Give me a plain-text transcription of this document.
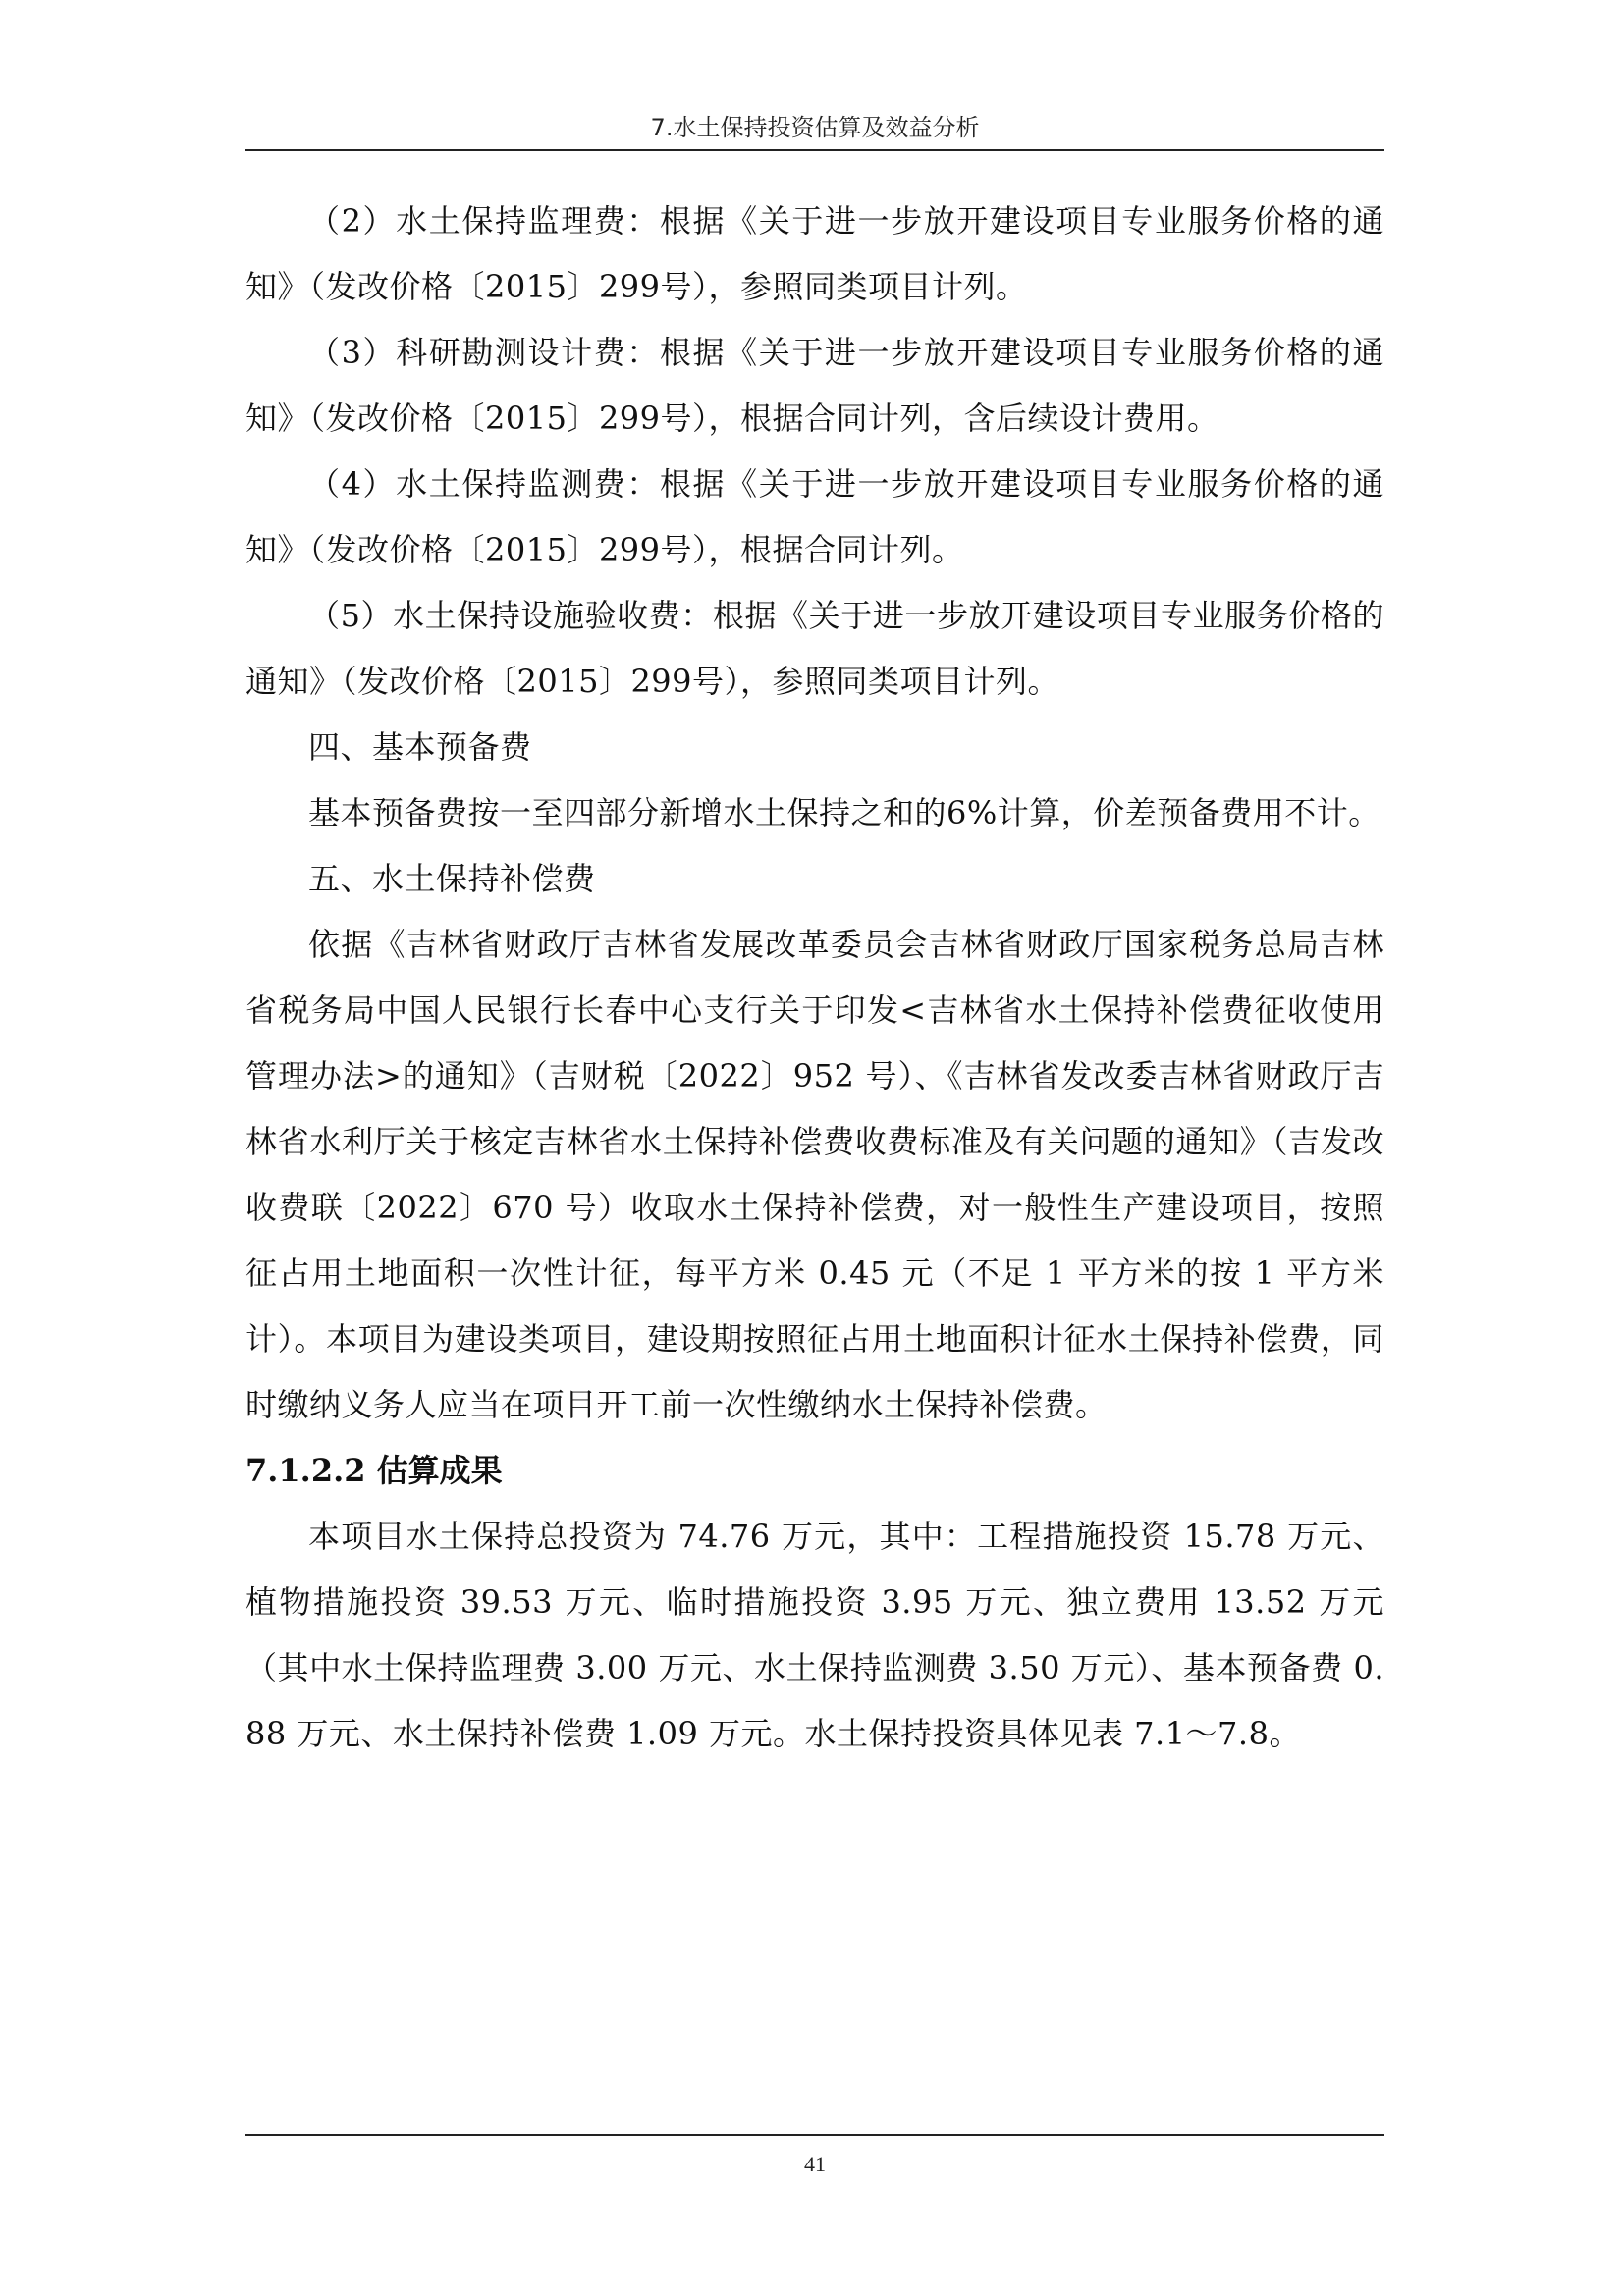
7.水土保持投资估算及效益分析

（2）水土保持监理费：根据《关于进一步放开建设项目专业服务价格的通知》（发改价格〔2015〕299号），参照同类项目计列。

（3）科研勘测设计费：根据《关于进一步放开建设项目专业服务价格的通知》（发改价格〔2015〕299号），根据合同计列，含后续设计费用。

（4）水土保持监测费：根据《关于进一步放开建设项目专业服务价格的通知》（发改价格〔2015〕299号），根据合同计列。

（5）水土保持设施验收费：根据《关于进一步放开建设项目专业服务价格的通知》（发改价格〔2015〕299号），参照同类项目计列。

四、基本预备费

基本预备费按一至四部分新增水土保持之和的6%计算，价差预备费用不计。

五、水土保持补偿费

依据《吉林省财政厅吉林省发展改革委员会吉林省财政厅国家税务总局吉林省税务局中国人民银行长春中心支行关于印发<吉林省水土保持补偿费征收使用管理办法>的通知》（吉财税〔2022〕952 号）、《吉林省发改委吉林省财政厅吉林省水利厅关于核定吉林省水土保持补偿费收费标准及有关问题的通知》（吉发改收费联〔2022〕670 号）收取水土保持补偿费，对一般性生产建设项目，按照征占用土地面积一次性计征，每平方米 0.45 元（不足 1 平方米的按 1 平方米计）。本项目为建设类项目，建设期按照征占用土地面积计征水土保持补偿费，同时缴纳义务人应当在项目开工前一次性缴纳水土保持补偿费。

7.1.2.2 估算成果

本项目水土保持总投资为 74.76 万元，其中：工程措施投资 15.78 万元、植物措施投资 39.53 万元、临时措施投资 3.95 万元、独立费用 13.52 万元（其中水土保持监理费 3.00 万元、水土保持监测费 3.50 万元）、基本预备费 0.88 万元、水土保持补偿费 1.09 万元。水土保持投资具体见表 7.1～7.8。

41
